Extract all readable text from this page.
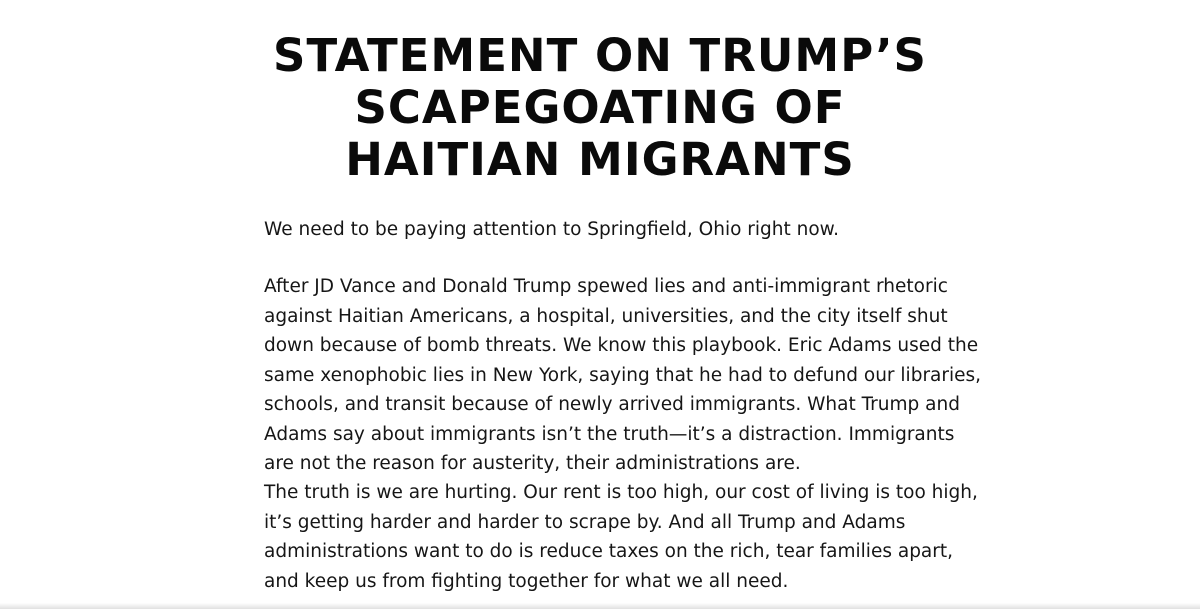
STATEMENT ON TRUMP’S SCAPEGOATING OF HAITIAN MIGRANTS

We need to be paying attention to Springfield, Ohio right now.

After JD Vance and Donald Trump spewed lies and anti-immigrant rhetoric against Haitian Americans, a hospital, universities, and the city itself shut down because of bomb threats. We know this playbook. Eric Adams used the same xenophobic lies in New York, saying that he had to defund our libraries, schools, and transit because of newly arrived immigrants. What Trump and Adams say about immigrants isn’t the truth—it’s a distraction. Immigrants are not the reason for austerity, their administrations are.

The truth is we are hurting. Our rent is too high, our cost of living is too high, it’s getting harder and harder to scrape by. And all Trump and Adams administrations want to do is reduce taxes on the rich, tear families apart, and keep us from fighting together for what we all need.
